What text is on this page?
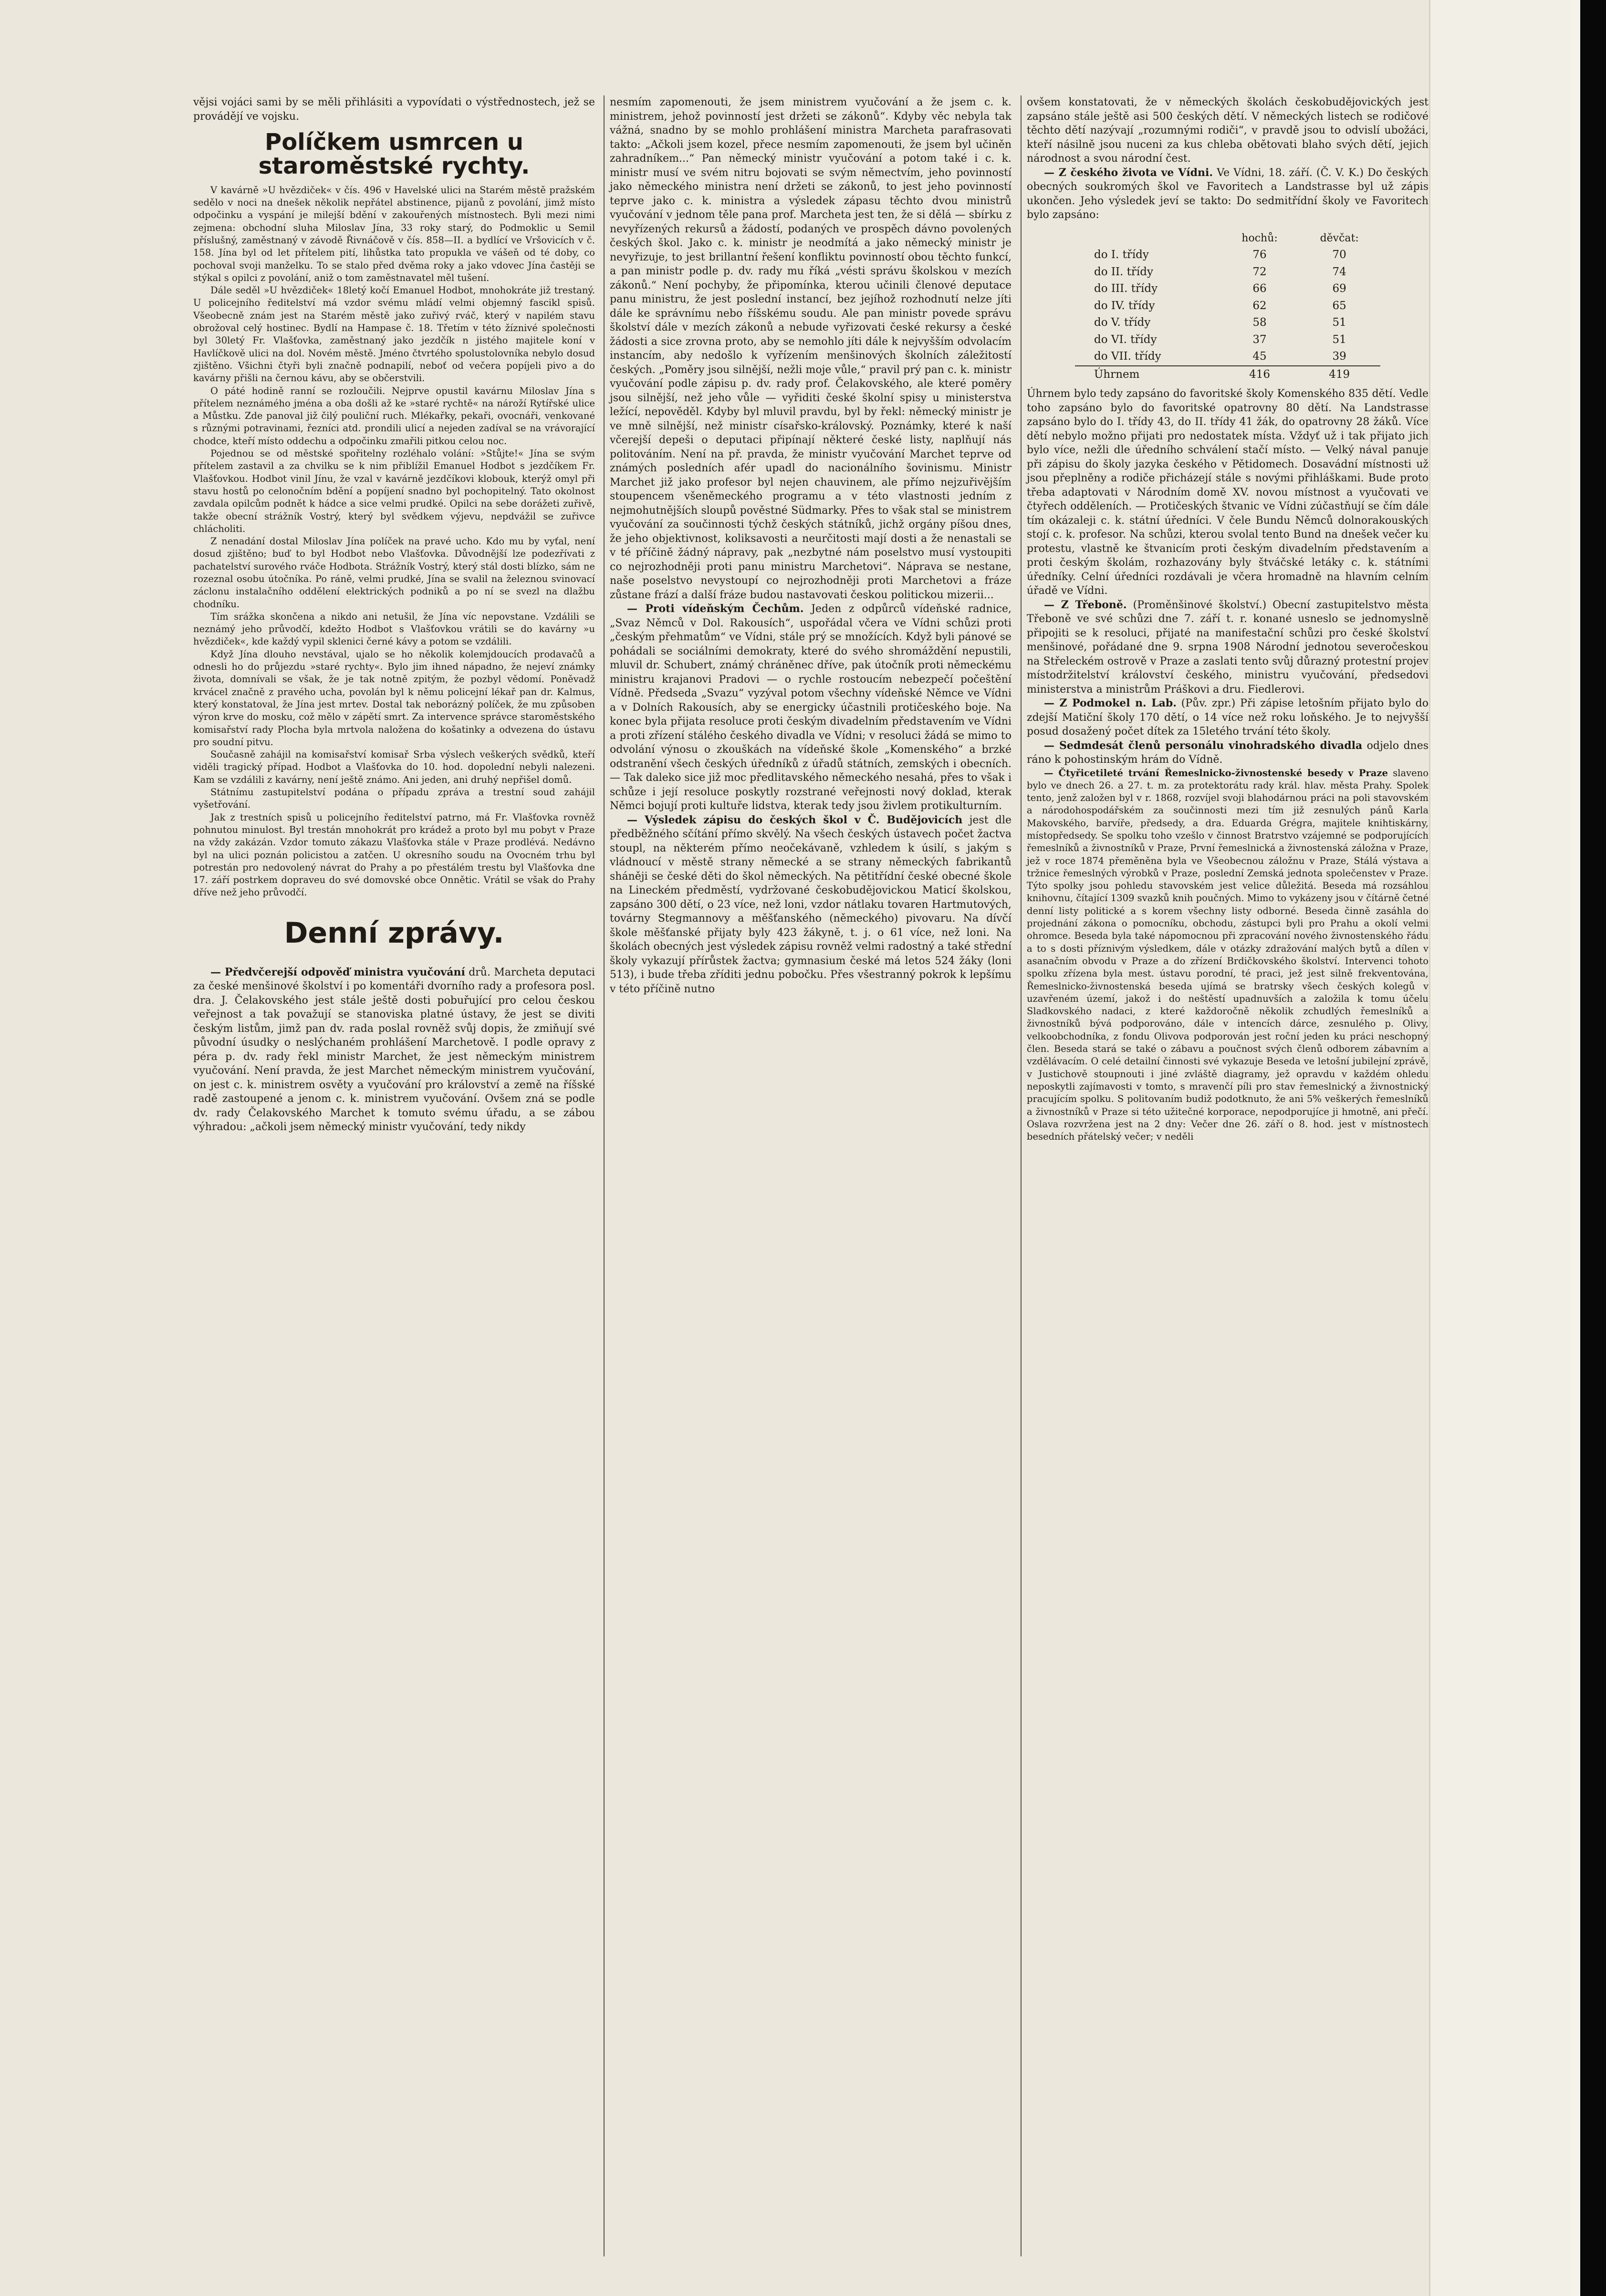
vějsi vojáci sami by se měli přihlásiti a vypovídati o výstřednostech, jež se provádějí ve vojsku.

Políčkem usmrcen u staroměstské rychty.

V kavárně »U hvězdiček« v čís. 496 v Havelské ulici na Starém městě pražském sedělo v noci na dnešek několik nepřátel abstinence, pijanů z povolání, jimž místo odpočinku a vyspání je milejší bdění v zakouřených místnostech. Byli mezi nimi zejmena: obchodní sluha Miloslav Jína, 33 roky starý, do Podmoklic u Semil příslušný, zaměstnaný v závodě Řivnáčově v čís. 858—II. a bydlící ve Vršovicích v č. 158. Jína byl od let přítelem pití, lihůstka tato propukla ve vášeň od té doby, co pochoval svoji manželku. To se stalo před dvěma roky a jako vdovec Jína častěji se stýkal s opilci z povolání, aniž o tom zaměstnavatel měl tušení.

Dále seděl »U hvězdiček« 18letý kočí Emanuel Hodbot, mnohokráte již trestaný. U policejního ředitelství má vzdor svému mládí velmi objemný fascikl spisů. Všeobecně znám jest na Starém městě jako zuřivý rváč, který v napilém stavu obrožoval celý hostinec. Bydlí na Hampase č. 18. Třetím v této žíznivé společnosti byl 30letý Fr. Vlašťovka, zaměstnaný jako jezdčík n jistého majitele koní v Havlíčkově ulici na dol. Novém městě. Jméno čtvrtého spolustolovníka nebylo dosud zjištěno. Všichni čtyři byli značně podnapilí, neboť od večera popíjeli pivo a do kavárny přišli na černou kávu, aby se občerstvili.

O páté hodině ranní se rozloučili. Nejprve opustil kavárnu Miloslav Jína s přítelem neznámého jména a oba došli až ke »staré rychtě« na nároží Rytířské ulice a Můstku. Zde panoval již čilý pouliční ruch. Mlékařky, pekaři, ovocnáři, venkované s různými potravinami, řezníci atd. prondili ulicí a nejeden zadíval se na vrávorající chodce, kteří místo oddechu a odpočinku zmařili pitkou celou noc.

Pojednou se od městské spořitelny rozléhalo volání: »Stůjte!« Jína se svým přítelem zastavil a za chvilku se k nim přiblížil Emanuel Hodbot s jezdčíkem Fr. Vlašťovkou. Hodbot vinil Jínu, že vzal v kavárně jezdčíkovi klobouk, kterýž omyl při stavu hostů po celonočním bdění a popíjení snadno byl pochopitelný. Tato okolnost zavdala opilcům podnět k hádce a sice velmi prudké. Opilci na sebe dorážeti zuřivě, takže obecní strážník Vostrý, který byl svědkem výjevu, nepdvážil se zuřivce chlácholiti.

Z nenadání dostal Miloslav Jína políček na pravé ucho. Kdo mu by vyťal, není dosud zjištěno; buď to byl Hodbot nebo Vlašťovka. Důvodnější lze podezřívati z pachatelství surového rváče Hodbota. Strážník Vostrý, který stál dosti blízko, sám ne rozeznal osobu útočníka. Po ráně, velmi prudké, Jína se svalil na železnou svinovací záclonu instalačního oddělení elektrických podniků a po ní se svezl na dlažbu chodníku.

Tím srážka skončena a nikdo ani netušil, že Jína víc nepovstane. Vzdálili se neznámý jeho průvodčí, kdežto Hodbot s Vlašťovkou vrátili se do kavárny »u hvězdiček«, kde každý vypil sklenici černé kávy a potom se vzdálili.

Když Jína dlouho nevstával, ujalo se ho několik kolemjdoucích prodavačů a odnesli ho do průjezdu »staré rychty«. Bylo jim ihned nápadno, že nejeví známky života, domnívali se však, že je tak notně zpitým, že pozbyl vědomí. Poněvadž krvácel značně z pravého ucha, povolán byl k němu policejní lékař pan dr. Kalmus, který konstatoval, že Jína jest mrtev. Dostal tak neborázný políček, že mu způsoben výron krve do mosku, což mělo v zápětí smrt. Za intervence správce staroměstského komisařství rady Plocha byla mrtvola naložena do košatinky a odvezena do ústavu pro soudní pitvu.

Současně zahájil na komisařství komisař Srba výslech veškerých svědků, kteří viděli tragický případ. Hodbot a Vlašťovka do 10. hod. dopolední nebyli nalezeni. Kam se vzdálili z kavárny, není ještě známo. Ani jeden, ani druhý nepřišel domů.

Státnímu zastupitelství podána o případu zpráva a trestní soud zahájil vyšetřování.

Jak z trestních spisů u policejního ředitelství patrno, má Fr. Vlašťovka rovněž pohnutou minulost. Byl trestán mnohokrát pro krádež a proto byl mu pobyt v Praze na vždy zakázán. Vzdor tomuto zákazu Vlašťovka stále v Praze prodlévá. Nedávno byl na ulici poznán policistou a zatčen. U okresního soudu na Ovocném trhu byl potrestán pro nedovolený návrat do Prahy a po přestálém trestu byl Vlašťovka dne 17. září postrkem dopraveu do své domovské obce Onnětic. Vrátil se však do Prahy dříve než jeho průvodčí.

Denní zprávy.

— Předvčerejší odpověď ministra vyučování drů. Marcheta deputaci za české menšinové školství i po komentáři dvorního rady a profesora posl. dra. J. Čelakovského jest stále ještě dosti pobuřující pro celou českou veřejnost a tak považují se stanoviska platné ústavy, že jest se diviti českým listům, jimž pan dv. rada poslal rovněž svůj dopis, že zmiňují své původní úsudky o neslýchaném prohlášení Marchetově. I podle opravy z péra p. dv. rady řekl ministr Marchet, že jest německým ministrem vyučování. Není pravda, že jest Marchet německým ministrem vyučování, on jest c. k. ministrem osvěty a vyučování pro království a země na říšské radě zastoupené a jenom c. k. ministrem vyučování. Ovšem zná se podle dv. rady Čelakovského Marchet k tomuto svému úřadu, a se zábou výhradou: „ačkoli jsem německý ministr vyučování, tedy nikdy

nesmím zapomenouti, že jsem ministrem vyučování a že jsem c. k. ministrem, jehož povinností jest držeti se zákonů“. Kdyby věc nebyla tak vážná, snadno by se mohlo prohlášení ministra Marcheta parafrasovati takto: „Ačkoli jsem kozel, přece nesmím zapomenouti, že jsem byl učiněn zahradníkem...“ Pan německý ministr vyučování a potom také i c. k. ministr musí ve svém nitru bojovati se svým němectvím, jeho povinností jako německého ministra není držeti se zákonů, to jest jeho povinností teprve jako c. k. ministra a výsledek zápasu těchto dvou ministrů vyučování v jednom těle pana prof. Marcheta jest ten, že si dělá — sbírku z nevyřízených rekursů a žádostí, podaných ve prospěch dávno povolených českých škol. Jako c. k. ministr je neodmítá a jako německý ministr je nevyřizuje, to jest brillantní řešení konfliktu povinností obou těchto funkcí, a pan ministr podle p. dv. rady mu říká „vésti správu školskou v mezích zákonů.“ Není pochyby, že připomínka, kterou učinili členové deputace panu ministru, že jest poslední instancí, bez jejíhož rozhodnutí nelze jíti dále ke správnímu nebo říšskému soudu. Ale pan ministr povede správu školství dále v mezích zákonů a nebude vyřizovati české rekursy a české žádosti a sice zrovna proto, aby se nemohlo jíti dále k nejvyšším odvolacím instancím, aby nedošlo k vyřízením menšinových školních záležitostí českých. „Poměry jsou silnější, nežli moje vůle,“ pravil prý pan c. k. ministr vyučování podle zápisu p. dv. rady prof. Čelakovského, ale které poměry jsou silnější, než jeho vůle — vyřiditi české školní spisy u ministerstva ležící, nepověděl. Kdyby byl mluvil pravdu, byl by řekl: německý ministr je ve mně silnější, než ministr císařsko-královský. Poznámky, které k naší včerejší depeši o deputaci připínají některé české listy, naplňují nás politováním. Není na př. pravda, že ministr vyučování Marchet teprve od známých posledních afér upadl do nacionálního šovinismu. Ministr Marchet již jako profesor byl nejen chauvinem, ale přímo nejzuřivějším stoupencem všeněmeckého programu a v této vlastnosti jedním z nejmohutnějších sloupů pověstné Südmarky. Přes to však stal se ministrem vyučování za součinnosti týchž českých státníků, jichž orgány píšou dnes, že jeho objektivnost, koliksavosti a neurčitosti mají dosti a že nenastali se v té příčině žádný nápravy, pak „nezbytné nám poselstvo musí vystoupiti co nejrozhodněji proti panu ministru Marchetovi“. Náprava se nestane, naše poselstvo nevystoupí co nejrozhodněji proti Marchetovi a fráze zůstane frází a další fráze budou nastavovati českou politickou mizerii...

— Proti vídeňským Čechům. Jeden z odpůrců vídeňské radnice, „Svaz Němců v Dol. Rakousích“, uspořádal včera ve Vídni schůzi proti „českým přehmatům“ ve Vídni, stále prý se množících. Když byli pánové se pohádali se sociálními demokraty, které do svého shromáždění nepustili, mluvil dr. Schubert, známý chráněnec dříve, pak útočník proti německému ministru krajanovi Pradovi — o rychle rostoucím nebezpečí počeštění Vídně. Předseda „Svazu“ vyzýval potom všechny vídeňské Němce ve Vídni a v Dolních Rakousích, aby se energicky účastnili protičeského boje. Na konec byla přijata resoluce proti českým divadelním představením ve Vídni a proti zřízení stálého českého divadla ve Vídni; v resoluci žádá se mimo to odvolání výnosu o zkouškách na vídeňské škole „Komenského“ a brzké odstranění všech českých úředníků z úřadů státních, zemských i obecních. — Tak daleko sice již moc předlitavského německého nesahá, přes to však i schůze i její resoluce poskytly rozstrané veřejnosti nový doklad, kterak Němci bojují proti kultuře lidstva, kterak tedy jsou živlem protikulturním.

— Výsledek zápisu do českých škol v Č. Budějovicích jest dle předběžného sčítání přímo skvělý. Na všech českých ústavech počet žactva stoupl, na některém přímo neočekávaně, vzhledem k úsilí, s jakým s vládnoucí v městě strany německé a se strany německých fabrikantů sháněji se české děti do škol německých. Na pětitřídní české obecné škole na Lineckém předměstí, vydržované českobudějovickou Maticí školskou, zapsáno 300 dětí, o 23 více, než loni, vzdor nátlaku tovaren Hartmutových, továrny Stegmannovy a měšťanského (německého) pivovaru. Na dívčí škole měšťanské přijaty byly 423 žákyně, t. j. o 61 více, než loni. Na školách obecných jest výsledek zápisu rovněž velmi radostný a také střední školy vykazují přírůstek žactva; gymnasium české má letos 524 žáky (loni 513), i bude třeba zříditi jednu pobočku. Přes všestranný pokrok k lepšímu v této příčině nutno

ovšem konstatovati, že v německých školách českobudějovických jest zapsáno stále ještě asi 500 českých dětí. V německých listech se rodičové těchto dětí nazývají „rozumnými rodiči“, v pravdě jsou to odvislí ubožáci, kteří násilně jsou nuceni za kus chleba obětovati blaho svých dětí, jejich národnost a svou národní čest.

— Z českého života ve Vídni. Ve Vídni, 18. září. (Č. V. K.) Do českých obecných soukromých škol ve Favoritech a Landstrasse byl už zápis ukončen. Jeho výsledek jeví se takto: Do sedmitřídní školy ve Favoritech bylo zapsáno:

	hochů:	děvčat:
do I. třídy	76	70
do II. třídy	72	74
do III. třídy	66	69
do IV. třídy	62	65
do V. třídy	58	51
do VI. třídy	37	51
do VII. třídy	45	39
Úhrnem	416	419

Úhrnem bylo tedy zapsáno do favoritské školy Komenského 835 dětí. Vedle toho zapsáno bylo do favoritské opatrovny 80 dětí. Na Landstrasse zapsáno bylo do I. třídy 43, do II. třídy 41 žák, do opatrovny 28 žáků. Více dětí nebylo možno přijati pro nedostatek místa. Vždyť už i tak přijato jich bylo více, nežli dle úředního schválení stačí místo. — Velký nával panuje při zápisu do školy jazyka českého v Pětidomech. Dosavádní místnosti už jsou přeplněny a rodiče přicházejí stále s novými přihláškami. Bude proto třeba adaptovati v Národním domě XV. novou místnost a vyučovati ve čtyřech odděleních. — Protičeských štvanic ve Vídni zúčastňují se čím dále tím okázaleji c. k. státní úředníci. V čele Bundu Němců dolnorakouských stojí c. k. profesor. Na schůzi, kterou svolal tento Bund na dnešek večer ku protestu, vlastně ke štvanicím proti českým divadelním představením a proti českým školám, rozhazovány byly štváčské letáky c. k. státními úředníky. Celní úředníci rozdávali je včera hromadně na hlavním celním úřadě ve Vídni.

— Z Třeboně. (Proměnšinové školství.) Obecní zastupitelstvo města Třeboně ve své schůzi dne 7. září t. r. konané usneslo se jednomyslně připojiti se k resoluci, přijaté na manifestační schůzi pro české školství menšinové, pořádané dne 9. srpna 1908 Národní jednotou severočeskou na Střeleckém ostrově v Praze a zaslati tento svůj důrazný protestní projev místodržitelství království českého, ministru vyučování, předsedovi ministerstva a ministrům Práškovi a dru. Fiedlerovi.

— Z Podmokel n. Lab. (Pův. zpr.) Při zápise letošním přijato bylo do zdejší Matiční školy 170 dětí, o 14 více než roku loňského. Je to nejvyšší posud dosažený počet dítek za 15letého trvání této školy.

— Sedmdesát členů personálu vinohradského divadla odjelo dnes ráno k pohostinským hrám do Vídně.

— Čtyřicetileté trvání Řemeslnicko-živnostenské besedy v Praze slaveno bylo ve dnech 26. a 27. t. m. za protektorátu rady král. hlav. města Prahy. Spolek tento, jenž založen byl v r. 1868, rozvíjel svoji blahodárnou práci na poli stavovském a národohospodářském za součinnosti mezi tím již zesnulých pánů Karla Makovského, barvíře, předsedy, a dra. Eduarda Grégra, majitele knihtiskárny, místopředsedy. Se spolku toho vzešlo v činnost Bratrstvo vzájemné se podporujících řemeslníků a živnostníků v Praze, První řemeslnická a živnostenská záložna v Praze, jež v roce 1874 přeměněna byla ve Všeobecnou záložnu v Praze, Stálá výstava a tržnice řemeslných výrobků v Praze, poslední Zemská jednota společenstev v Praze. Týto spolky jsou pohledu stavovském jest velice důležitá. Beseda má rozsáhlou knihovnu, čítající 1309 svazků knih poučných. Mimo to vykázeny jsou v čítárně četné denní listy politické a s korem všechny listy odborné. Beseda činně zasáhla do projednání zákona o pomocníku, obchodu, zástupci byli pro Prahu a okolí velmi ohromce. Beseda byla také nápomocnou při zpracování nového živnostenského řádu a to s dosti příznivým výsledkem, dále v otázky zdražování malých bytů a dílen v asanačním obvodu v Praze a do zřízení Brdičkovského školství. Intervenci tohoto spolku zřízena byla mest. ústavu porodní, té praci, jež jest silně frekventována, Řemeslnicko-živnostenská beseda ujímá se bratrsky všech českých kolegů v uzavřeném území, jakož i do neštěstí upadnuvších a založila k tomu účelu Sladkovského nadaci, z které každoročně několik zchudlých řemeslníků a živnostníků bývá podporováno, dále v intencích dárce, zesnulého p. Olivy, velkoobchodníka, z fondu Olivova podporován jest roční jeden ku práci neschopný člen. Beseda stará se také o zábavu a poučnost svých členů odborem zábavním a vzdělávacím. O celé detailní činnosti své vykazuje Beseda ve letošní jubilejní zprávě, v Justichově stoupnouti i jiné zvláště diagramy, jež opravdu v každém ohledu neposkytli zajímavosti v tomto, s mravenčí píli pro stav řemeslnický a živnostnický pracujícím spolku. S politovaním budiž podotknuto, že ani 5% veškerých řemeslníků a živnostníků v Praze si této užitečné korporace, nepodporujíce ji hmotně, ani přečí. Oslava rozvržena jest na 2 dny: Večer dne 26. září o 8. hod. jest v místnostech besedních přátelský večer; v neděli
